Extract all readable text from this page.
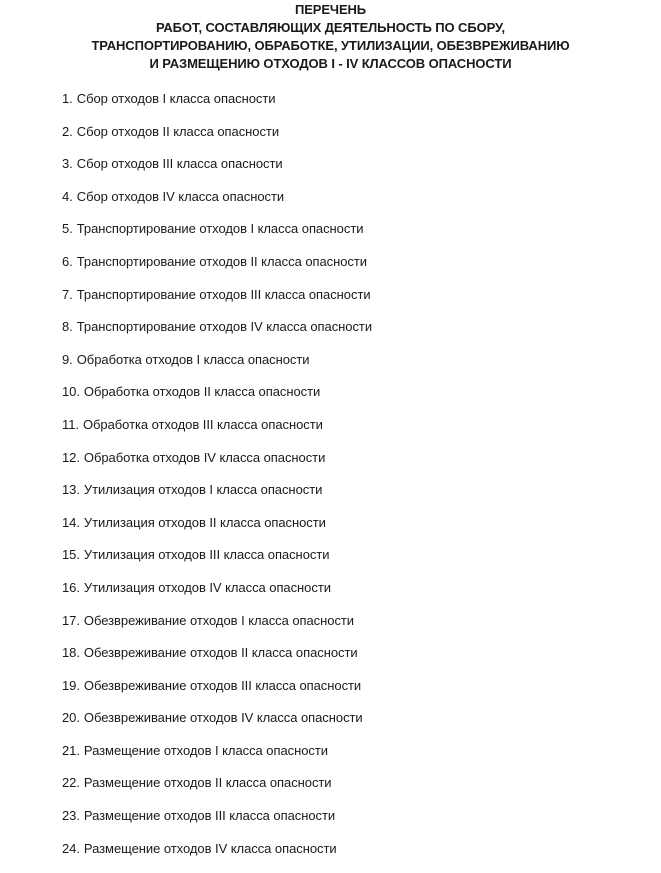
ПЕРЕЧЕНЬ
РАБОТ, СОСТАВЛЯЮЩИХ ДЕЯТЕЛЬНОСТЬ ПО СБОРУ,
ТРАНСПОРТИРОВАНИЮ, ОБРАБОТКЕ, УТИЛИЗАЦИИ, ОБЕЗВРЕЖИВАНИЮ
И РАЗМЕЩЕНИЮ ОТХОДОВ I - IV КЛАССОВ ОПАСНОСТИ
1. Сбор отходов I класса опасности
2. Сбор отходов II класса опасности
3. Сбор отходов III класса опасности
4. Сбор отходов IV класса опасности
5. Транспортирование отходов I класса опасности
6. Транспортирование отходов II класса опасности
7. Транспортирование отходов III класса опасности
8. Транспортирование отходов IV класса опасности
9. Обработка отходов I класса опасности
10. Обработка отходов II класса опасности
11. Обработка отходов III класса опасности
12. Обработка отходов IV класса опасности
13. Утилизация отходов I класса опасности
14. Утилизация отходов II класса опасности
15. Утилизация отходов III класса опасности
16. Утилизация отходов IV класса опасности
17. Обезвреживание отходов I класса опасности
18. Обезвреживание отходов II класса опасности
19. Обезвреживание отходов III класса опасности
20. Обезвреживание отходов IV класса опасности
21. Размещение отходов I класса опасности
22. Размещение отходов II класса опасности
23. Размещение отходов III класса опасности
24. Размещение отходов IV класса опасности
